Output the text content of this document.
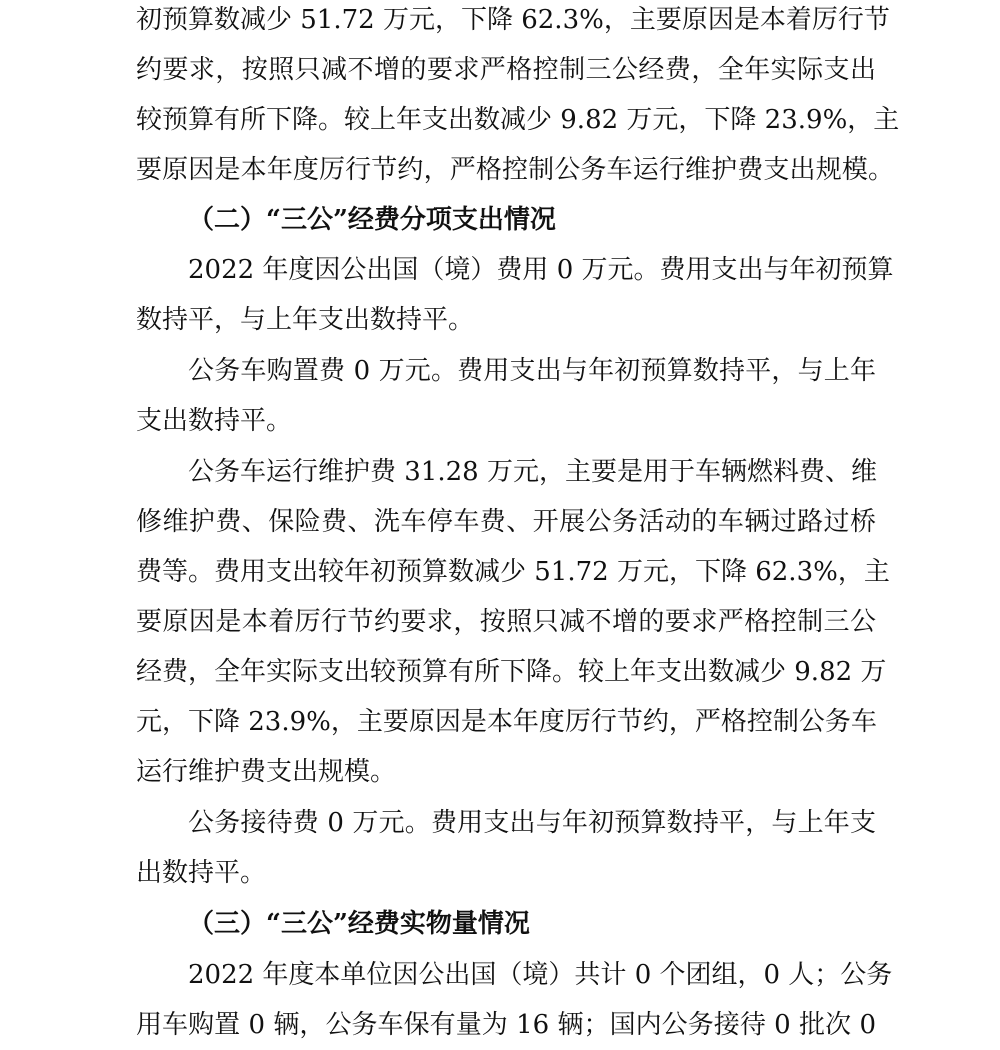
初预算数减少 51.72 万元，下降 62.3%，主要原因是本着厉行节
约要求，按照只减不增的要求严格控制三公经费，全年实际支出
较预算有所下降。较上年支出数减少 9.82 万元，下降 23.9%，主
要原因是本年度厉行节约，严格控制公务车运行维护费支出规模。
（二）“三公”经费分项支出情况
2022 年度因公出国（境）费用 0 万元。费用支出与年初预算
数持平，与上年支出数持平。
公务车购置费 0 万元。费用支出与年初预算数持平，与上年
支出数持平。
公务车运行维护费 31.28 万元，主要是用于车辆燃料费、维
修维护费、保险费、洗车停车费、开展公务活动的车辆过路过桥
费等。费用支出较年初预算数减少 51.72 万元，下降 62.3%，主
要原因是本着厉行节约要求，按照只减不增的要求严格控制三公
经费，全年实际支出较预算有所下降。较上年支出数减少 9.82 万
元，下降 23.9%，主要原因是本年度厉行节约，严格控制公务车
运行维护费支出规模。
公务接待费 0 万元。费用支出与年初预算数持平，与上年支
出数持平。
（三）“三公”经费实物量情况
2022 年度本单位因公出国（境）共计 0 个团组，0 人；公务
用车购置 0 辆，公务车保有量为 16 辆；国内公务接待 0 批次 0
